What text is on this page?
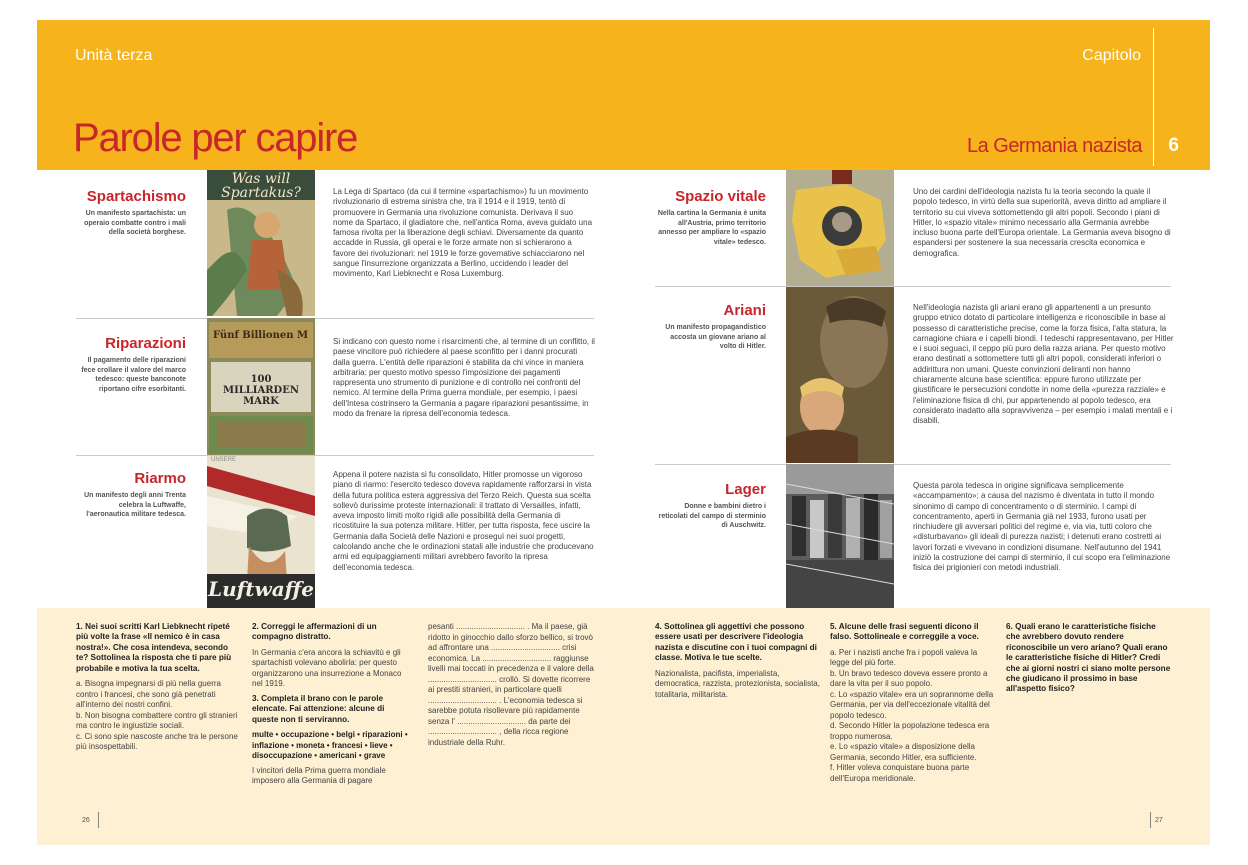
Unità terza	Capitolo
Parole per capire	La Germania nazista 6
Spartachismo
Un manifesto spartachista: un operaio combatte contro i mali della società borghese.
Was will Spartakus?	La Lega di Spartaco (da cui il termine «spartachismo») fu un movimento rivoluzionario di estrema sinistra che, tra il 1914 e il 1919, tentò di promuovere in Germania una rivoluzione comunista. Derivava il suo nome da Spartaco, il gladiatore che, nell'antica Roma, aveva guidato una famosa rivolta per la liberazione degli schiavi. Diversamente da quanto accadde in Russia, gli operai e le forze armate non si schierarono a favore dei rivoluzionari: nel 1919 le forze governative schiacciarono nel sangue l'insurrezione organizzata a Berlino, uccidendo i leader del movimento, Karl Liebknecht e Rosa Luxemburg.
Riparazioni
Il pagamento delle riparazioni fece crollare il valore del marco tedesco: queste banconote riportano cifre esorbitanti.
Fünf Billionen M
100 MILLIARDEN MARK
Si indicano con questo nome i risarcimenti che, al termine di un conflitto, il paese vincitore può richiedere al paese sconfitto per i danni procurati dalla guerra. L'entità delle riparazioni è stabilita da chi vince in maniera arbitraria: per questo motivo spesso l'imposizione dei pagamenti rappresenta uno strumento di punizione e di controllo nei confronti del nemico. Al termine della Prima guerra mondiale, per esempio, i paesi dell'Intesa costrinsero la Germania a pagare riparazioni pesantissime, in modo da frenare la ripresa dell'economia tedesca.
Riarmo
Un manifesto degli anni Trenta celebra la Luftwaffe, l'aeronautica militare tedesca.
UNSERE
Luftwaffe
Appena il potere nazista si fu consolidato, Hitler promosse un vigoroso piano di riarmo: l'esercito tedesco doveva rapidamente rafforzarsi in vista della futura politica estera aggressiva del Terzo Reich. Questa sua scelta sollevò durissime proteste internazionali: il trattato di Versailles, infatti, aveva imposto limiti molto rigidi alle possibilità della Germania di ricostituire la sua potenza militare. Hitler, per tutta risposta, fece uscire la Germania dalla Società delle Nazioni e proseguì nei suoi progetti, calcolando anche che le ordinazioni statali alle industrie che producevano armi ed equipaggiamenti militari avrebbero favorito la ripresa dell'economia tedesca.
Spazio vitale
Nella cartina la Germania è unita all'Austria, primo territorio annesso per ampliare lo «spazio vitale» tedesco.
Uno dei cardini dell'ideologia nazista fu la teoria secondo la quale il popolo tedesco, in virtù della sua superiorità, aveva diritto ad ampliare il territorio su cui viveva sottomettendo gli altri popoli. Secondo i piani di Hitler, lo «spazio vitale» minimo necessario alla Germania avrebbe incluso buona parte dell'Europa orientale. La Germania aveva bisogno di espandersi per sostenere la sua necessaria crescita economica e demografica.
Ariani
Un manifesto propagandistico accosta un giovane ariano al volto di Hitler.
Nell'ideologia nazista gli ariani erano gli appartenenti a un presunto gruppo etnico dotato di particolare intelligenza e riconoscibile in base al possesso di caratteristiche precise, come la forza fisica, l'alta statura, la carnagione chiara e i capelli biondi. I tedeschi rappresentavano, per Hitler e i suoi seguaci, il ceppo più puro della razza ariana. Per questo motivo erano destinati a sottomettere tutti gli altri popoli, considerati inferiori o addirittura non umani. Queste convinzioni deliranti non hanno chiaramente alcuna base scientifica: eppure furono utilizzate per giustificare le persecuzioni condotte in nome della «purezza razziale» e l'eliminazione fisica di chi, pur appartenendo al popolo tedesco, era considerato inadatto alla sopravvivenza – per esempio i malati mentali e i disabili.
Lager
Donne e bambini dietro i reticolati del campo di sterminio di Auschwitz.
Questa parola tedesca in origine significava semplicemente «accampamento»; a causa del nazismo è diventata in tutto il mondo sinonimo di campo di concentramento o di sterminio. I campi di concentramento, aperti in Germania già nel 1933, furono usati per rinchiudere gli avversari politici del regime e, via via, tutti coloro che «disturbavano» gli ideali di purezza nazisti; i detenuti erano costretti ai lavori forzati e vivevano in condizioni disumane. Nell'autunno del 1941 iniziò la costruzione dei campi di sterminio, il cui scopo era l'eliminazione fisica dei prigionieri con metodi industriali.
1. Nei suoi scritti Karl Liebknecht ripeté più volte la frase «Il nemico è in casa nostra!». Che cosa intendeva, secondo te? Sottolinea la risposta che ti pare più probabile e motiva la tua scelta.
a. Bisogna impegnarsi di più nella guerra contro i francesi, che sono già penetrati all'interno dei nostri confini.
b. Non bisogna combattere contro gli stranieri ma contro le ingiustizie sociali.
c. Ci sono spie nascoste anche tra le persone più insospettabili.
2. Correggi le affermazioni di un compagno distratto.
In Germania c'era ancora la schiavitù e gli spartachisti volevano abolirla: per questo organizzarono una insurrezione a Monaco nel 1919.
3. Completa il brano con le parole elencate. Fai attenzione: alcune di queste non ti serviranno.
multe • occupazione • belgi • riparazioni • inflazione • moneta • francesi • lieve • disoccupazione • americani • grave
I vincitori della Prima guerra mondiale imposero alla Germania di pagare
pesanti ............................... . Ma il paese, già ridotto in ginocchio dallo sforzo bellico, si trovò ad affrontare una ............................... crisi economica. La ............................... raggiunse livelli mai toccati in precedenza e il valore della ............................... crollò. Si dovette ricorrere ai prestiti stranieri, in particolare quelli ............................... . L'economia tedesca si sarebbe potuta risollevare più rapidamente senza l' ............................... da parte dei ............................... , della ricca regione industriale della Ruhr.
4. Sottolinea gli aggettivi che possono essere usati per descrivere l'ideologia nazista e discutine con i tuoi compagni di classe. Motiva le tue scelte.
Nazionalista, pacifista, imperialista, democratica, razzista, protezionista, socialista, totalitaria, militarista.
5. Alcune delle frasi seguenti dicono il falso. Sottolineale e correggile a voce.
a. Per i nazisti anche fra i popoli valeva la legge del più forte.
b. Un bravo tedesco doveva essere pronto a dare la vita per il suo popolo.
c. Lo «spazio vitale» era un soprannome della Germania, per via dell'eccezionale vitalità del popolo tedesco.
d. Secondo Hitler la popolazione tedesca era troppo numerosa.
e. Lo «spazio vitale» a disposizione della Germania, secondo Hitler, era sufficiente.
f. Hitler voleva conquistare buona parte dell'Europa meridionale.
6. Quali erano le caratteristiche fisiche che avrebbero dovuto rendere riconoscibile un vero ariano? Quali erano le caratteristiche fisiche di Hitler? Credi che ai giorni nostri ci siano molte persone che giudicano il prossimo in base all'aspetto fisico?
26	27
